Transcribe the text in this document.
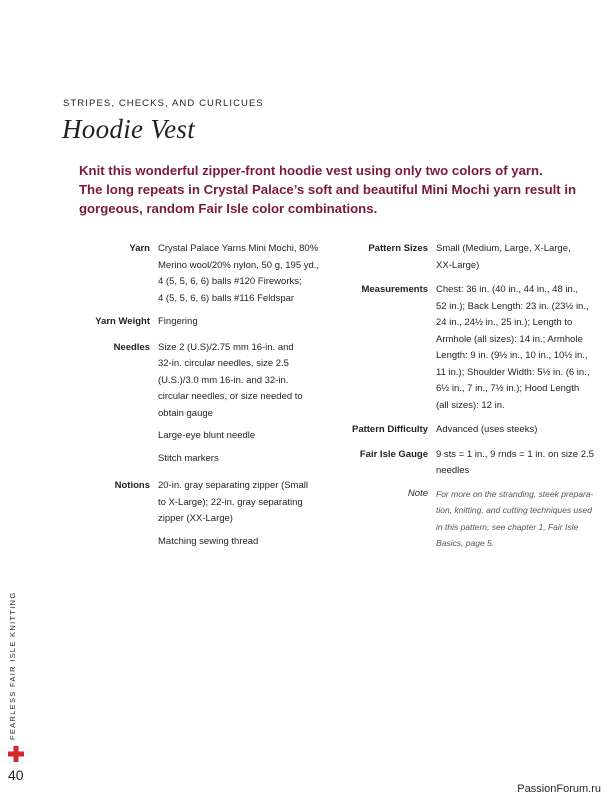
STRIPES, CHECKS, AND CURLICUES
Hoodie Vest
Knit this wonderful zipper-front hoodie vest using only two colors of yarn.
The long repeats in Crystal Palace’s soft and beautiful Mini Mochi yarn result in
gorgeous, random Fair Isle color combinations.
Yarn Crystal Palace Yarns Mini Mochi, 80%
Merino wool/20% nylon, 50 g, 195 yd.,
4 (5, 5, 6, 6) balls #120 Fireworks;
4 (5, 5, 6, 6) balls #116 Feldspar
Yarn Weight Fingering
Needles Size 2 (U.S)/2.75 mm 16-in. and
32-in. circular needles, size 2.5
(U.S.)/3.0 mm 16-in. and 32-in.
circular needles, or size needed to
obtain gauge
Large-eye blunt needle
Stitch markers
Notions 20-in. gray separating zipper (Small
to X-Large); 22-in. gray separating
zipper (XX-Large)
Matching sewing thread
Pattern Sizes Small (Medium, Large, X-Large,
XX-Large)
Measurements Chest: 36 in. (40 in., 44 in., 48 in.,
52 in.); Back Length: 23 in. (23½ in.,
24 in., 24½ in., 25 in.); Length to
Armhole (all sizes): 14 in.; Armhole
Length: 9 in. (9½ in., 10 in., 10½ in.,
11 in.); Shoulder Width: 5½ in. (6 in.,
6½ in., 7 in., 7½ in.); Hood Length
(all sizes): 12 in.
Pattern Difficulty Advanced (uses steeks)
Fair Isle Gauge 9 sts = 1 in., 9 rnds = 1 in. on size 2.5
needles
Note For more on the stranding, steek prepara-
tion, knitting, and cutting techniques used
in this pattern, see chapter 1, Fair Isle
Basics, page 5.
FEARLESS FAIR ISLE KNITTING
40
PassionForum.ru
